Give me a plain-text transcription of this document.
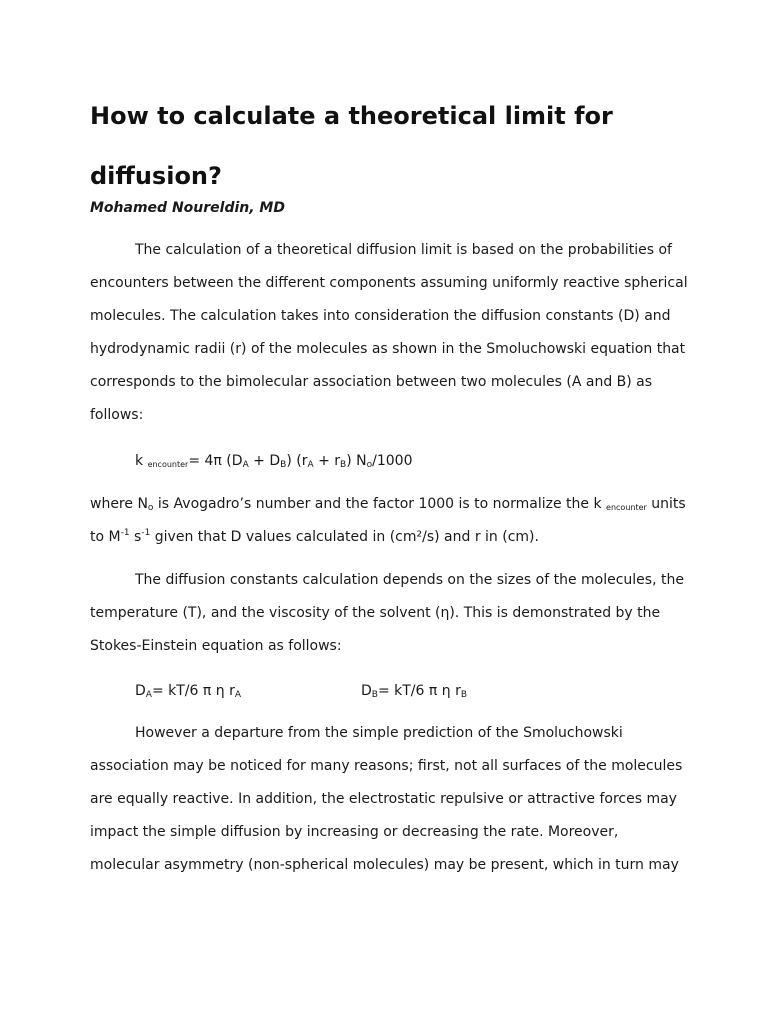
How to calculate a theoretical limit for diffusion?

Mohamed Noureldin, MD

The calculation of a theoretical diffusion limit is based on the probabilities of encounters between the different components assuming uniformly reactive spherical molecules. The calculation takes into consideration the diffusion constants (D) and hydrodynamic radii (r) of the molecules as shown in the Smoluchowski equation that corresponds to the bimolecular association between two molecules (A and B) as follows:

k $_{encounter}$= 4π $(D_A + D_B) (r_A + r_B)$ $N_o/1000$

where $N_o$ is Avogadro’s number and the factor 1000 is to normalize the k $_{encounter}$ units to $M^{-1}$ $s^{-1}$ given that D values calculated in (cm²/s) and r in (cm).

The diffusion constants calculation depends on the sizes of the molecules, the temperature (T), and the viscosity of the solvent (η). This is demonstrated by the Stokes-Einstein equation as follows:

$D_A= kT/6$ π η $r_A$	$D_B= kT/6$ π η $r_B$

However a departure from the simple prediction of the Smoluchowski association may be noticed for many reasons; first, not all surfaces of the molecules are equally reactive. In addition, the electrostatic repulsive or attractive forces may impact the simple diffusion by increasing or decreasing the rate. Moreover, molecular asymmetry (non-spherical molecules) may be present, which in turn may
